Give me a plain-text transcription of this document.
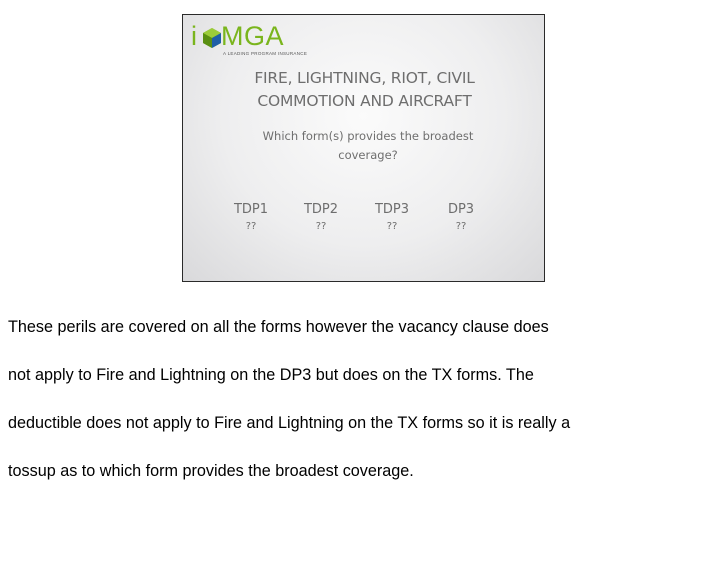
i MGA
A LEADING PROGRAM INSURANCE
FIRE, LIGHTNING, RIOT, CIVIL
COMMOTION AND AIRCRAFT
Which form(s) provides the broadest
coverage?
TDP1
??
TDP2
??
TDP3
??
DP3
??

These perils are covered on all the forms however the vacancy clause does

not apply to Fire and Lightning on the DP3 but does on the TX forms. The

deductible does not apply to Fire and Lightning on the TX forms so it is really a

tossup as to which form provides the broadest coverage.
